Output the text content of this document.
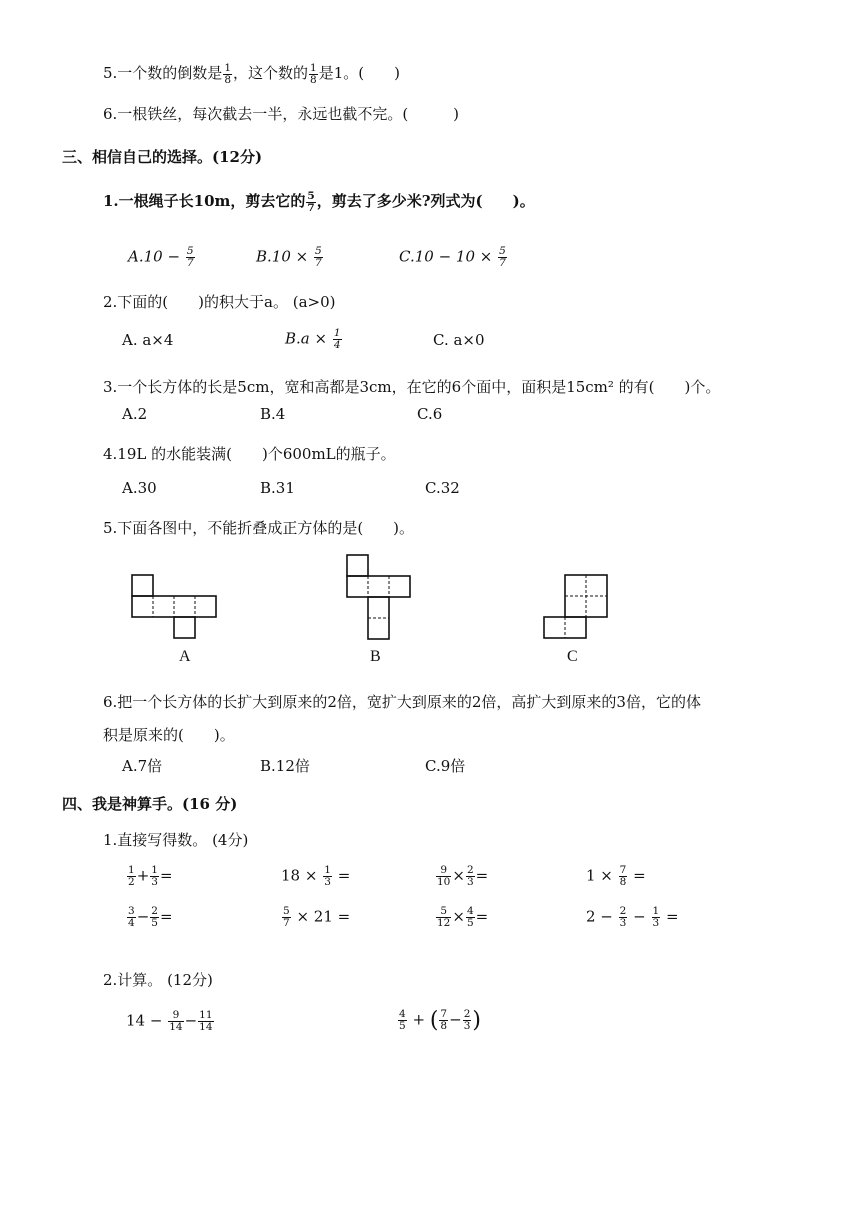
5.一个数的倒数是 $\frac{1}{8}$ ，这个数的 $\frac{1}{8}$ 是1。(　　)
6.一根铁丝，每次截去一半，永远也截不完。(　　　)
三、相信自己的选择。(12分)
1.一根绳子长10m，剪去它的 $\frac{5}{7}$ ，剪去了多少米?列式为(　　)。
$A.10 - \frac{5}{7}$	$B.10 \times \frac{5}{7}$	$C.10 - 10 \times \frac{5}{7}$
2.下面的(　　)的积大于a。 (a>0)
A. a×4	$B.a \times \frac{1}{4}$	C. a×0
3.一个长方体的长是5cm，宽和高都是3cm，在它的6个面中，面积是15cm² 的有(　　)个。
A.2	B.4	C.6
4.19L 的水能装满(　　)个600mL的瓶子。
A.30	B.31	C.32
5.下面各图中，不能折叠成正方体的是(　　)。
A	B	C
6.把一个长方体的长扩大到原来的2倍，宽扩大到原来的2倍，高扩大到原来的3倍，它的体
积是原来的(　　)。
A.7倍	B.12倍	C.9倍
四、我是神算手。(16 分)
1.直接写得数。 (4分)
$\frac{1}{2} + \frac{1}{3}$ =	$18 \times \frac{1}{3}$ =	$\frac{9}{10} \times \frac{2}{3}$ =	$1 \times \frac{7}{8}$ =
$\frac{3}{4} - \frac{2}{5}$ =	$\frac{5}{7} \times 21$ =	$\frac{5}{12} \times \frac{4}{5}$ =	$2 - \frac{2}{3} - \frac{1}{3}$ =
2.计算。 (12分)
$14 - \frac{9}{14} - \frac{11}{14}$	$\frac{4}{5}$ + ( $\frac{7}{8} - \frac{2}{3}$ )
